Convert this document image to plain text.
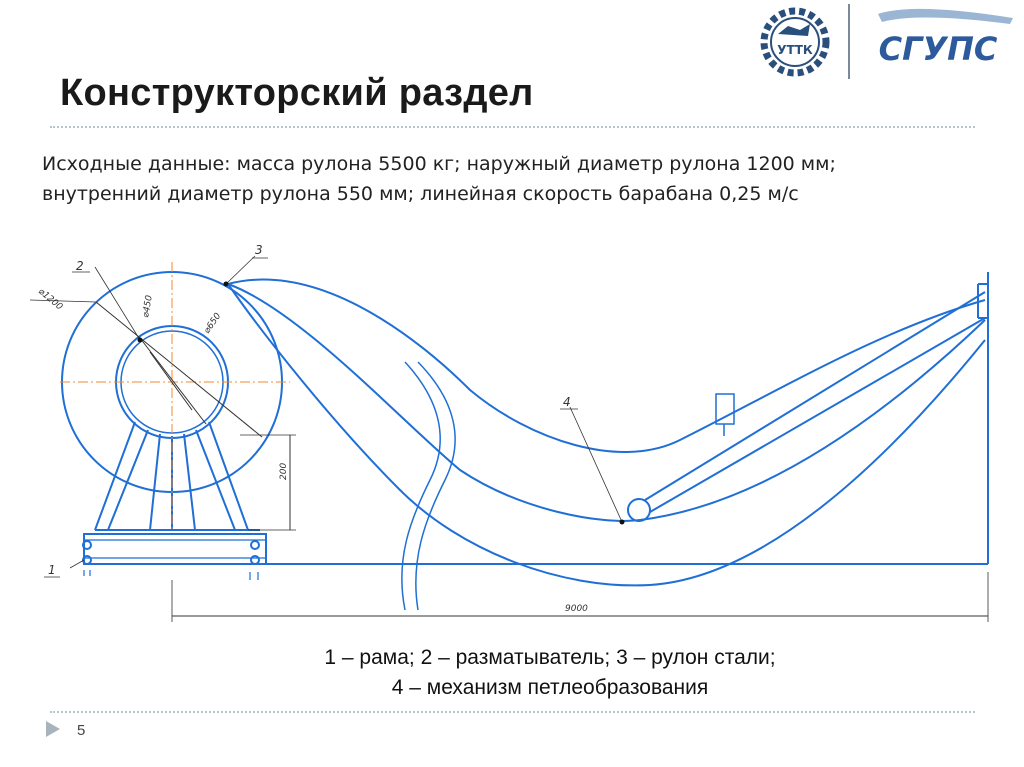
УТТК СГУПС
Конструкторский раздел
Исходные данные: масса рулона 5500 кг; наружный диаметр рулона 1200 мм;
внутренний диаметр рулона 550 мм; линейная скорость барабана 0,25 м/с
⌀1200
⌀650
⌀450
200
9000
2
3
4
1
1 – рама; 2 – разматыватель; 3 – рулон стали;
4 – механизм петлеобразования
5
